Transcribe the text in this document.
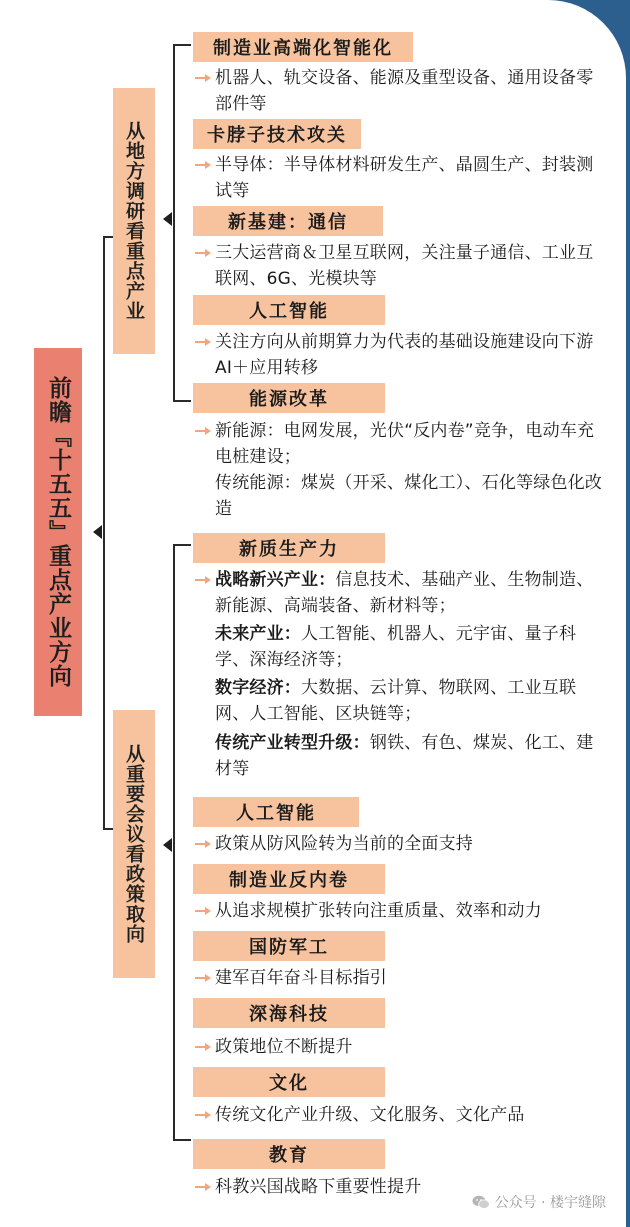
前瞻『十五五』重点产业方向
从地方调研看重点产业
从重要会议看政策取向
制造业高端化智能化
机器人、轨交设备、能源及重型设备、通用设备零部件等
卡脖子技术攻关
半导体：半导体材料研发生产、晶圆生产、封装测试等
新基建：通信
三大运营商＆卫星互联网，关注量子通信、工业互联网、6G、光模块等
人工智能
关注方向从前期算力为代表的基础设施建设向下游AI＋应用转移
能源改革
新能源：电网发展，光伏“反内卷”竞争，电动车充电桩建设；
传统能源：煤炭（开采、煤化工）、石化等绿色化改造
新质生产力
战略新兴产业：信息技术、基础产业、生物制造、新能源、高端装备、新材料等；
未来产业：人工智能、机器人、元宇宙、量子科学、深海经济等；
数字经济：大数据、云计算、物联网、工业互联网、人工智能、区块链等；
传统产业转型升级：钢铁、有色、煤炭、化工、建材等
人工智能
政策从防风险转为当前的全面支持
制造业反内卷
从追求规模扩张转向注重质量、效率和动力
国防军工
建军百年奋斗目标指引
深海科技
政策地位不断提升
文化
传统文化产业升级、文化服务、文化产品
教育
科教兴国战略下重要性提升
公众号 · 楼宇缝隙
